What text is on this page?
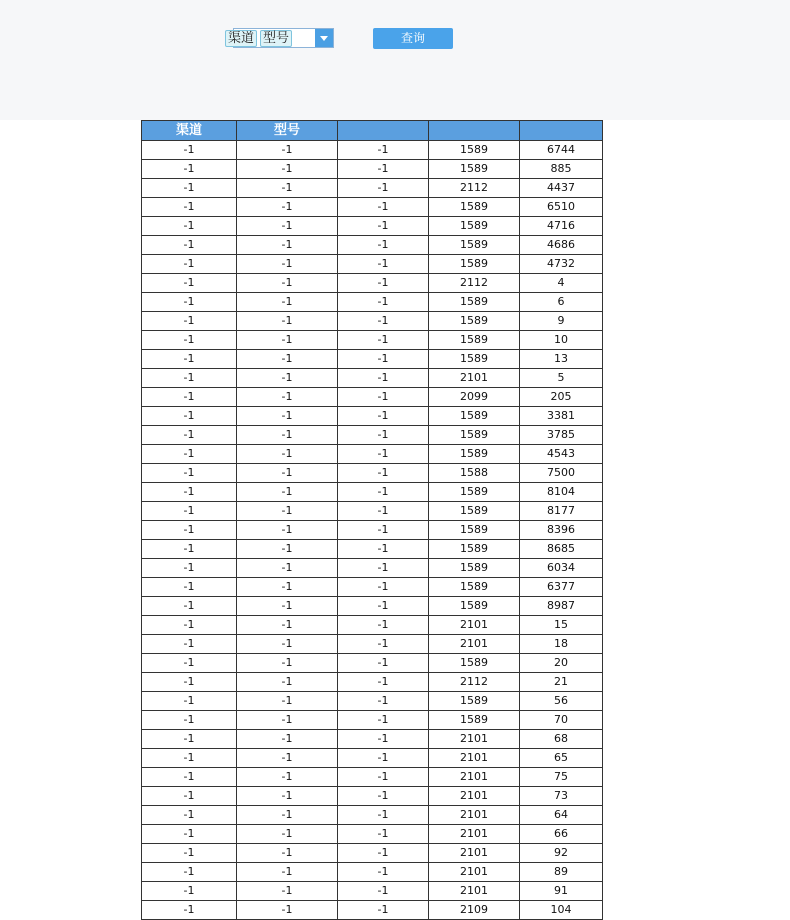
渠道 型号	查询
渠道	型号			
-1	-1	-1	1589	6744
-1	-1	-1	1589	885
-1	-1	-1	2112	4437
-1	-1	-1	1589	6510
-1	-1	-1	1589	4716
-1	-1	-1	1589	4686
-1	-1	-1	1589	4732
-1	-1	-1	2112	4
-1	-1	-1	1589	6
-1	-1	-1	1589	9
-1	-1	-1	1589	10
-1	-1	-1	1589	13
-1	-1	-1	2101	5
-1	-1	-1	2099	205
-1	-1	-1	1589	3381
-1	-1	-1	1589	3785
-1	-1	-1	1589	4543
-1	-1	-1	1588	7500
-1	-1	-1	1589	8104
-1	-1	-1	1589	8177
-1	-1	-1	1589	8396
-1	-1	-1	1589	8685
-1	-1	-1	1589	6034
-1	-1	-1	1589	6377
-1	-1	-1	1589	8987
-1	-1	-1	2101	15
-1	-1	-1	2101	18
-1	-1	-1	1589	20
-1	-1	-1	2112	21
-1	-1	-1	1589	56
-1	-1	-1	1589	70
-1	-1	-1	2101	68
-1	-1	-1	2101	65
-1	-1	-1	2101	75
-1	-1	-1	2101	73
-1	-1	-1	2101	64
-1	-1	-1	2101	66
-1	-1	-1	2101	92
-1	-1	-1	2101	89
-1	-1	-1	2101	91
-1	-1	-1	2109	104
